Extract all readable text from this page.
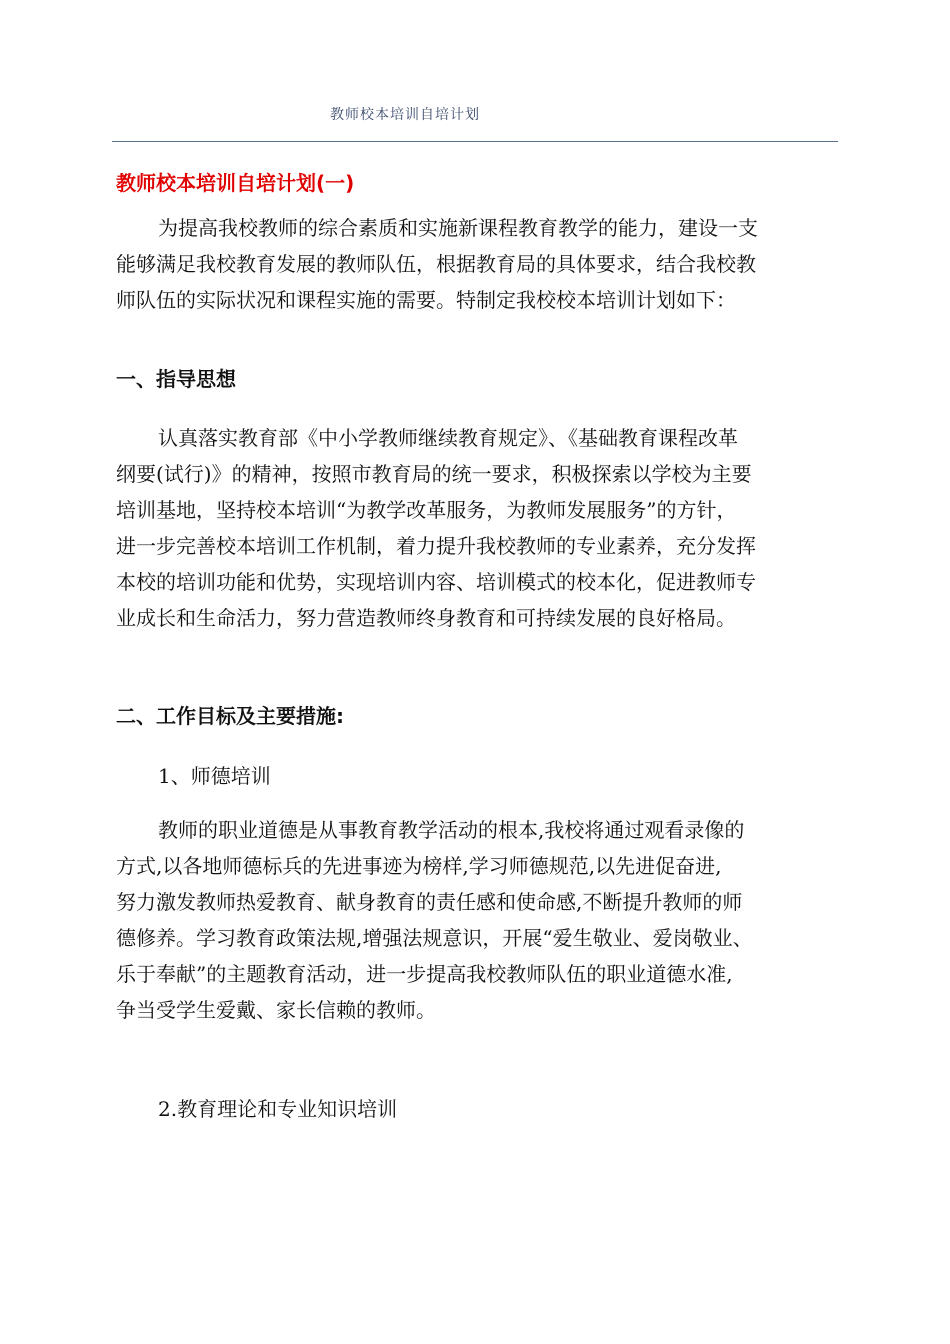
教师校本培训自培计划
教师校本培训自培计划(一)
为提高我校教师的综合素质和实施新课程教育教学的能力，建设一支
能够满足我校教育发展的教师队伍，根据教育局的具体要求，结合我校教
师队伍的实际状况和课程实施的需要。特制定我校校本培训计划如下：
一、指导思想
认真落实教育部《中小学教师继续教育规定》、《基础教育课程改革
纲要(试行)》的精神，按照市教育局的统一要求，积极探索以学校为主要
培训基地，坚持校本培训“为教学改革服务，为教师发展服务”的方针，
进一步完善校本培训工作机制，着力提升我校教师的专业素养，充分发挥
本校的培训功能和优势，实现培训内容、培训模式的校本化，促进教师专
业成长和生命活力，努力营造教师终身教育和可持续发展的良好格局。
二、工作目标及主要措施:
1、师德培训
教师的职业道德是从事教育教学活动的根本,我校将通过观看录像的
方式,以各地师德标兵的先进事迹为榜样,学习师德规范,以先进促奋进,
努力激发教师热爱教育、献身教育的责任感和使命感,不断提升教师的师
德修养。学习教育政策法规,增强法规意识，开展“爱生敬业、爱岗敬业、
乐于奉献”的主题教育活动，进一步提高我校教师队伍的职业道德水准,
争当受学生爱戴、家长信赖的教师。
2.教育理论和专业知识培训
